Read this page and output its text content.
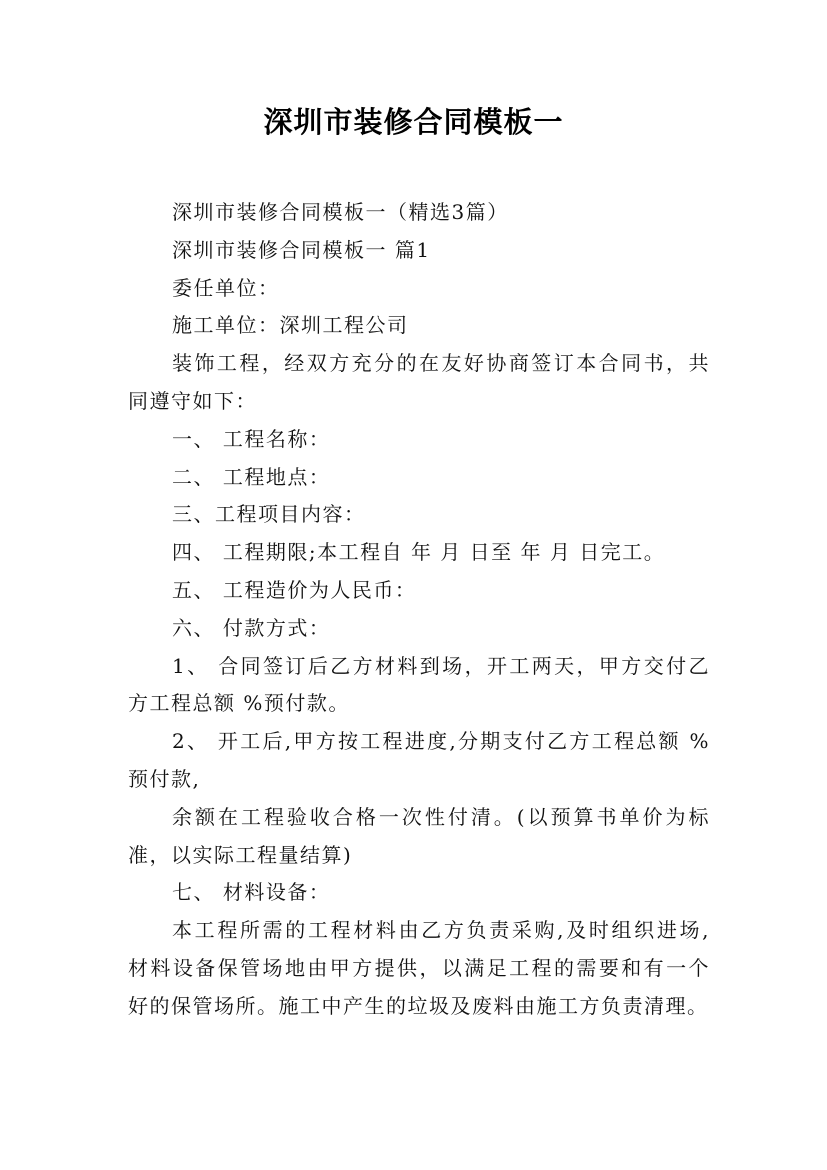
深圳市装修合同模板一
深圳市装修合同模板一（精选3篇）
深圳市装修合同模板一 篇1
委任单位：
施工单位：深圳工程公司
装饰工程，经双方充分的在友好协商签订本合同书，共
同遵守如下：
一、 工程名称：
二、 工程地点：
三、工程项目内容：
四、 工程期限;本工程自 年 月 日至 年 月 日完工。
五、 工程造价为人民币：
六、 付款方式：
1、 合同签订后乙方材料到场，开工两天，甲方交付乙
方工程总额 %预付款。
2、 开工后,甲方按工程进度,分期支付乙方工程总额 %
预付款,
余额在工程验收合格一次性付清。(以预算书单价为标
准，以实际工程量结算)
七、 材料设备：
本工程所需的工程材料由乙方负责采购,及时组织进场,
材料设备保管场地由甲方提供，以满足工程的需要和有一个
好的保管场所。施工中产生的垃圾及废料由施工方负责清理。
